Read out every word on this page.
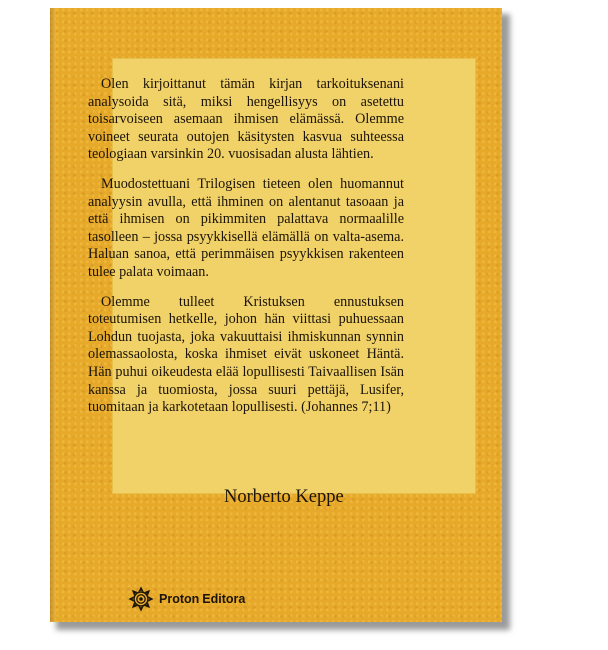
Olen kirjoittanut tämän kirjan tarkoituksenani analysoida sitä, miksi hengellisyys on asetettu toisarvoiseen asemaan ihmisen elämässä. Olemme voineet seurata outojen käsitysten kasvua suhteessa teologiaan varsinkin 20. vuosisadan alusta lähtien.

Muodostettuani Trilogisen tieteen olen huomannut analyysin avulla, että ihminen on alentanut tasoaan ja että ihmisen on pikimmiten palattava normaalille tasolleen – jossa psyykkisellä elämällä on valta-asema. Haluan sanoa, että perimmäisen psyykkisen rakenteen tulee palata voimaan.

Olemme tulleet Kristuksen ennustuksen toteutumisen hetkelle, johon hän viittasi puhuessaan Lohdun tuojasta, joka vakuuttaisi ihmiskunnan synnin olemassaolosta, koska ihmiset eivät uskoneet Häntä. Hän puhui oikeudesta elää lopullisesti Taivaallisen Isän kanssa ja tuomiosta, jossa suuri pettäjä, Lusifer, tuomitaan ja karkotetaan lopullisesti. (Johannes 7;11)

Norberto Keppe
Proton Editora
